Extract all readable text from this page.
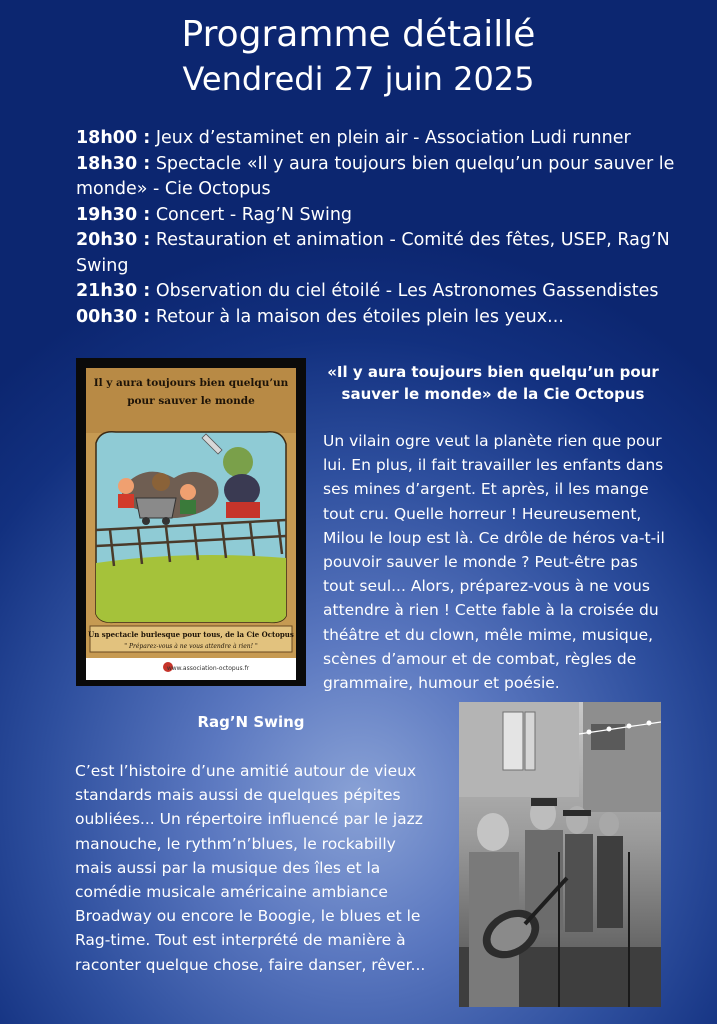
Programme détaillé
Vendredi 27 juin 2025
18h00 : Jeux d’estaminet en plein air - Association Ludi runner
18h30 : Spectacle «Il y aura toujours bien quelqu’un pour sauver le monde» - Cie Octopus
19h30 : Concert - Rag’N Swing
20h30 : Restauration et animation - Comité des fêtes, USEP, Rag’N Swing
21h30 : Observation du ciel étoilé - Les Astronomes Gassendistes
00h30 : Retour à la maison des étoiles plein les yeux...
Il y aura toujours bien quelqu’un
pour sauver le monde
Un spectacle burlesque pour tous, de la Cie Octopus
" Préparez-vous à ne vous attendre à rien! "
www.association-octopus.fr
«Il y aura toujours bien quelqu’un pour
sauver le monde» de la Cie Octopus

Un vilain ogre veut la planète rien que pour lui. En plus, il fait travailler les enfants dans ses mines d’argent. Et après, il les mange tout cru. Quelle horreur ! Heureusement, Milou le loup est là. Ce drôle de héros va-t-il pouvoir sauver le monde ? Peut-être pas tout seul... Alors, préparez-vous à ne vous attendre à rien ! Cette fable à la croisée du théâtre et du clown, mêle mime, musique, scènes d’amour et de combat, règles de grammaire, humour et poésie.

Rag’N Swing

C’est l’histoire d’une amitié autour de vieux standards mais aussi de quelques pépites oubliées... Un répertoire influencé par le jazz manouche, le rythm’n’blues, le rockabilly mais aussi par la musique des îles et la comédie musicale américaine ambiance Broadway ou encore le Boogie, le blues et le Rag-time. Tout est interprété de manière à raconter quelque chose, faire danser, rêver...
